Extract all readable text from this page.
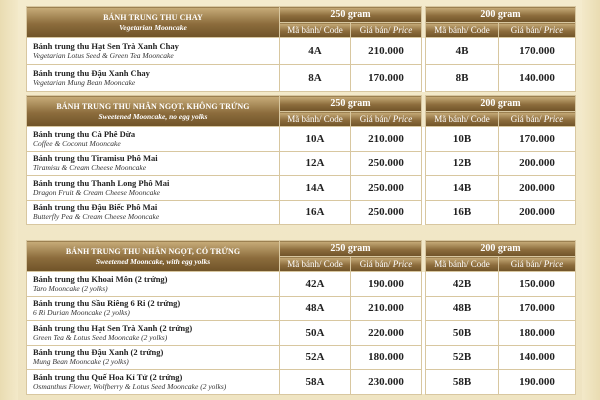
BÁNH TRUNG THU CHAY
Vegetarian Mooncake	250 gram			200 gram	
	Mã bánh/ Code	Giá bán/ Price		Mã bánh/ Code	Giá bán/ Price

Bánh trung thu Hạt Sen Trà Xanh Chay
Vegetarian Lotus Seed & Green Tea Mooncake	4A	210.000		4B	170.000

Bánh trung thu Đậu Xanh Chay
Vegetarian Mung Bean Mooncake	8A	170.000		8B	140.000
BÁNH TRUNG THU NHÂN NGỌT, KHÔNG TRỨNG
Sweetened Mooncake, no egg yolks	250 gram			200 gram	
	Mã bánh/ Code	Giá bán/ Price		Mã bánh/ Code	Giá bán/ Price

Bánh trung thu Cà Phê Dừa
Coffee & Coconut Mooncake	10A	210.000		10B	170.000

Bánh trung thu Tiramisu Phô Mai
Tiramisu & Cream Cheese Mooncake	12A	250.000		12B	200.000

Bánh trung thu Thanh Long Phô Mai
Dragon Fruit & Cream Cheese Mooncake	14A	250.000		14B	200.000

Bánh trung thu Đậu Biếc Phô Mai
Butterfly Pea & Cream Cheese Mooncake	16A	250.000		16B	200.000
BÁNH TRUNG THU NHÂN NGỌT, CÓ TRỨNG
Sweetened Mooncake, with egg yolks	250 gram			200 gram	
	Mã bánh/ Code	Giá bán/ Price		Mã bánh/ Code	Giá bán/ Price

Bánh trung thu Khoai Môn (2 trứng)
Taro Mooncake (2 yolks)	42A	190.000		42B	150.000

Bánh trung thu Sầu Riêng 6 Ri (2 trứng)
6 Ri Durian Mooncake (2 yolks)	48A	210.000		48B	170.000

Bánh trung thu Hạt Sen Trà Xanh (2 trứng)
Green Tea & Lotus Seed Mooncake (2 yolks)	50A	220.000		50B	180.000

Bánh trung thu Đậu Xanh (2 trứng)
Mung Bean Mooncake (2 yolks)	52A	180.000		52B	140.000

Bánh trung thu Quế Hoa Kỉ Tử (2 trứng)
Osmanthus Flower, Wolfberry & Lotus Seed Mooncake (2 yolks)	58A	230.000		58B	190.000
